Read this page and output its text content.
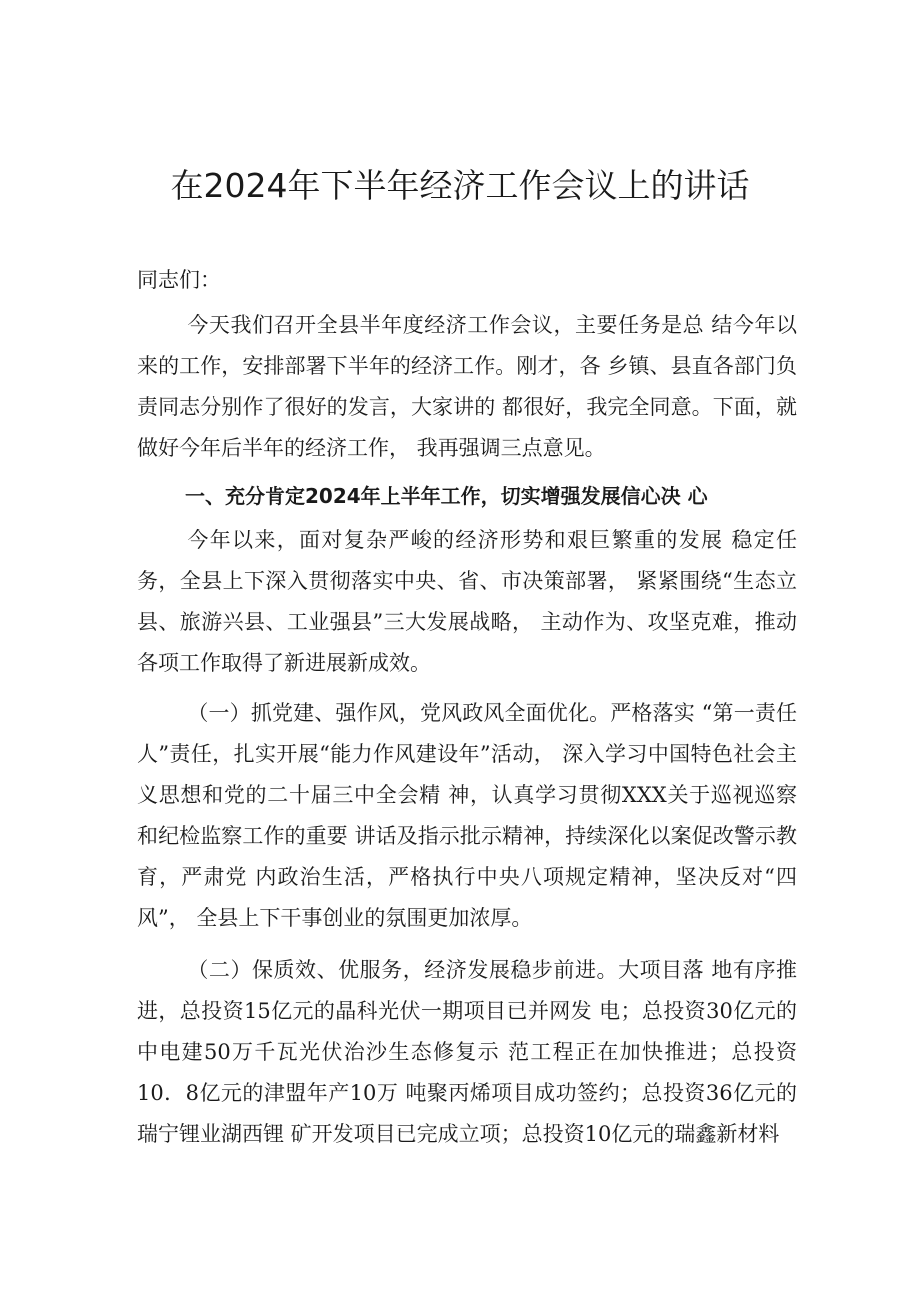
在2024年下半年经济工作会议上的讲话

同志们：

今天我们召开全县半年度经济工作会议，主要任务是总 结今年以来的工作，安排部署下半年的经济工作。刚才，各 乡镇、县直各部门负责同志分别作了很好的发言，大家讲的 都很好，我完全同意。下面，就做好今年后半年的经济工作， 我再强调三点意见。

一、充分肯定2024年上半年工作，切实增强发展信心决 心

今年以来，面对复杂严峻的经济形势和艰巨繁重的发展 稳定任务，全县上下深入贯彻落实中央、省、市决策部署， 紧紧围绕“生态立县、旅游兴县、工业强县”三大发展战略， 主动作为、攻坚克难，推动各项工作取得了新进展新成效。

（一）抓党建、强作风，党风政风全面优化。严格落实 “第一责任人”责任，扎实开展“能力作风建设年”活动， 深入学习中国特色社会主义思想和党的二十届三中全会精 神，认真学习贯彻XXX关于巡视巡察和纪检监察工作的重要 讲话及指示批示精神，持续深化以案促改警示教育，严肃党 内政治生活，严格执行中央八项规定精神，坚决反对“四风”， 全县上下干事创业的氛围更加浓厚。

（二）保质效、优服务，经济发展稳步前进。大项目落 地有序推进，总投资15亿元的晶科光伏一期项目已并网发 电；总投资30亿元的中电建50万千瓦光伏治沙生态修复示 范工程正在加快推进；总投资10．8亿元的津盟年产10万 吨聚丙烯项目成功签约；总投资36亿元的瑞宁锂业湖西锂 矿开发项目已完成立项；总投资10亿元的瑞鑫新材料
